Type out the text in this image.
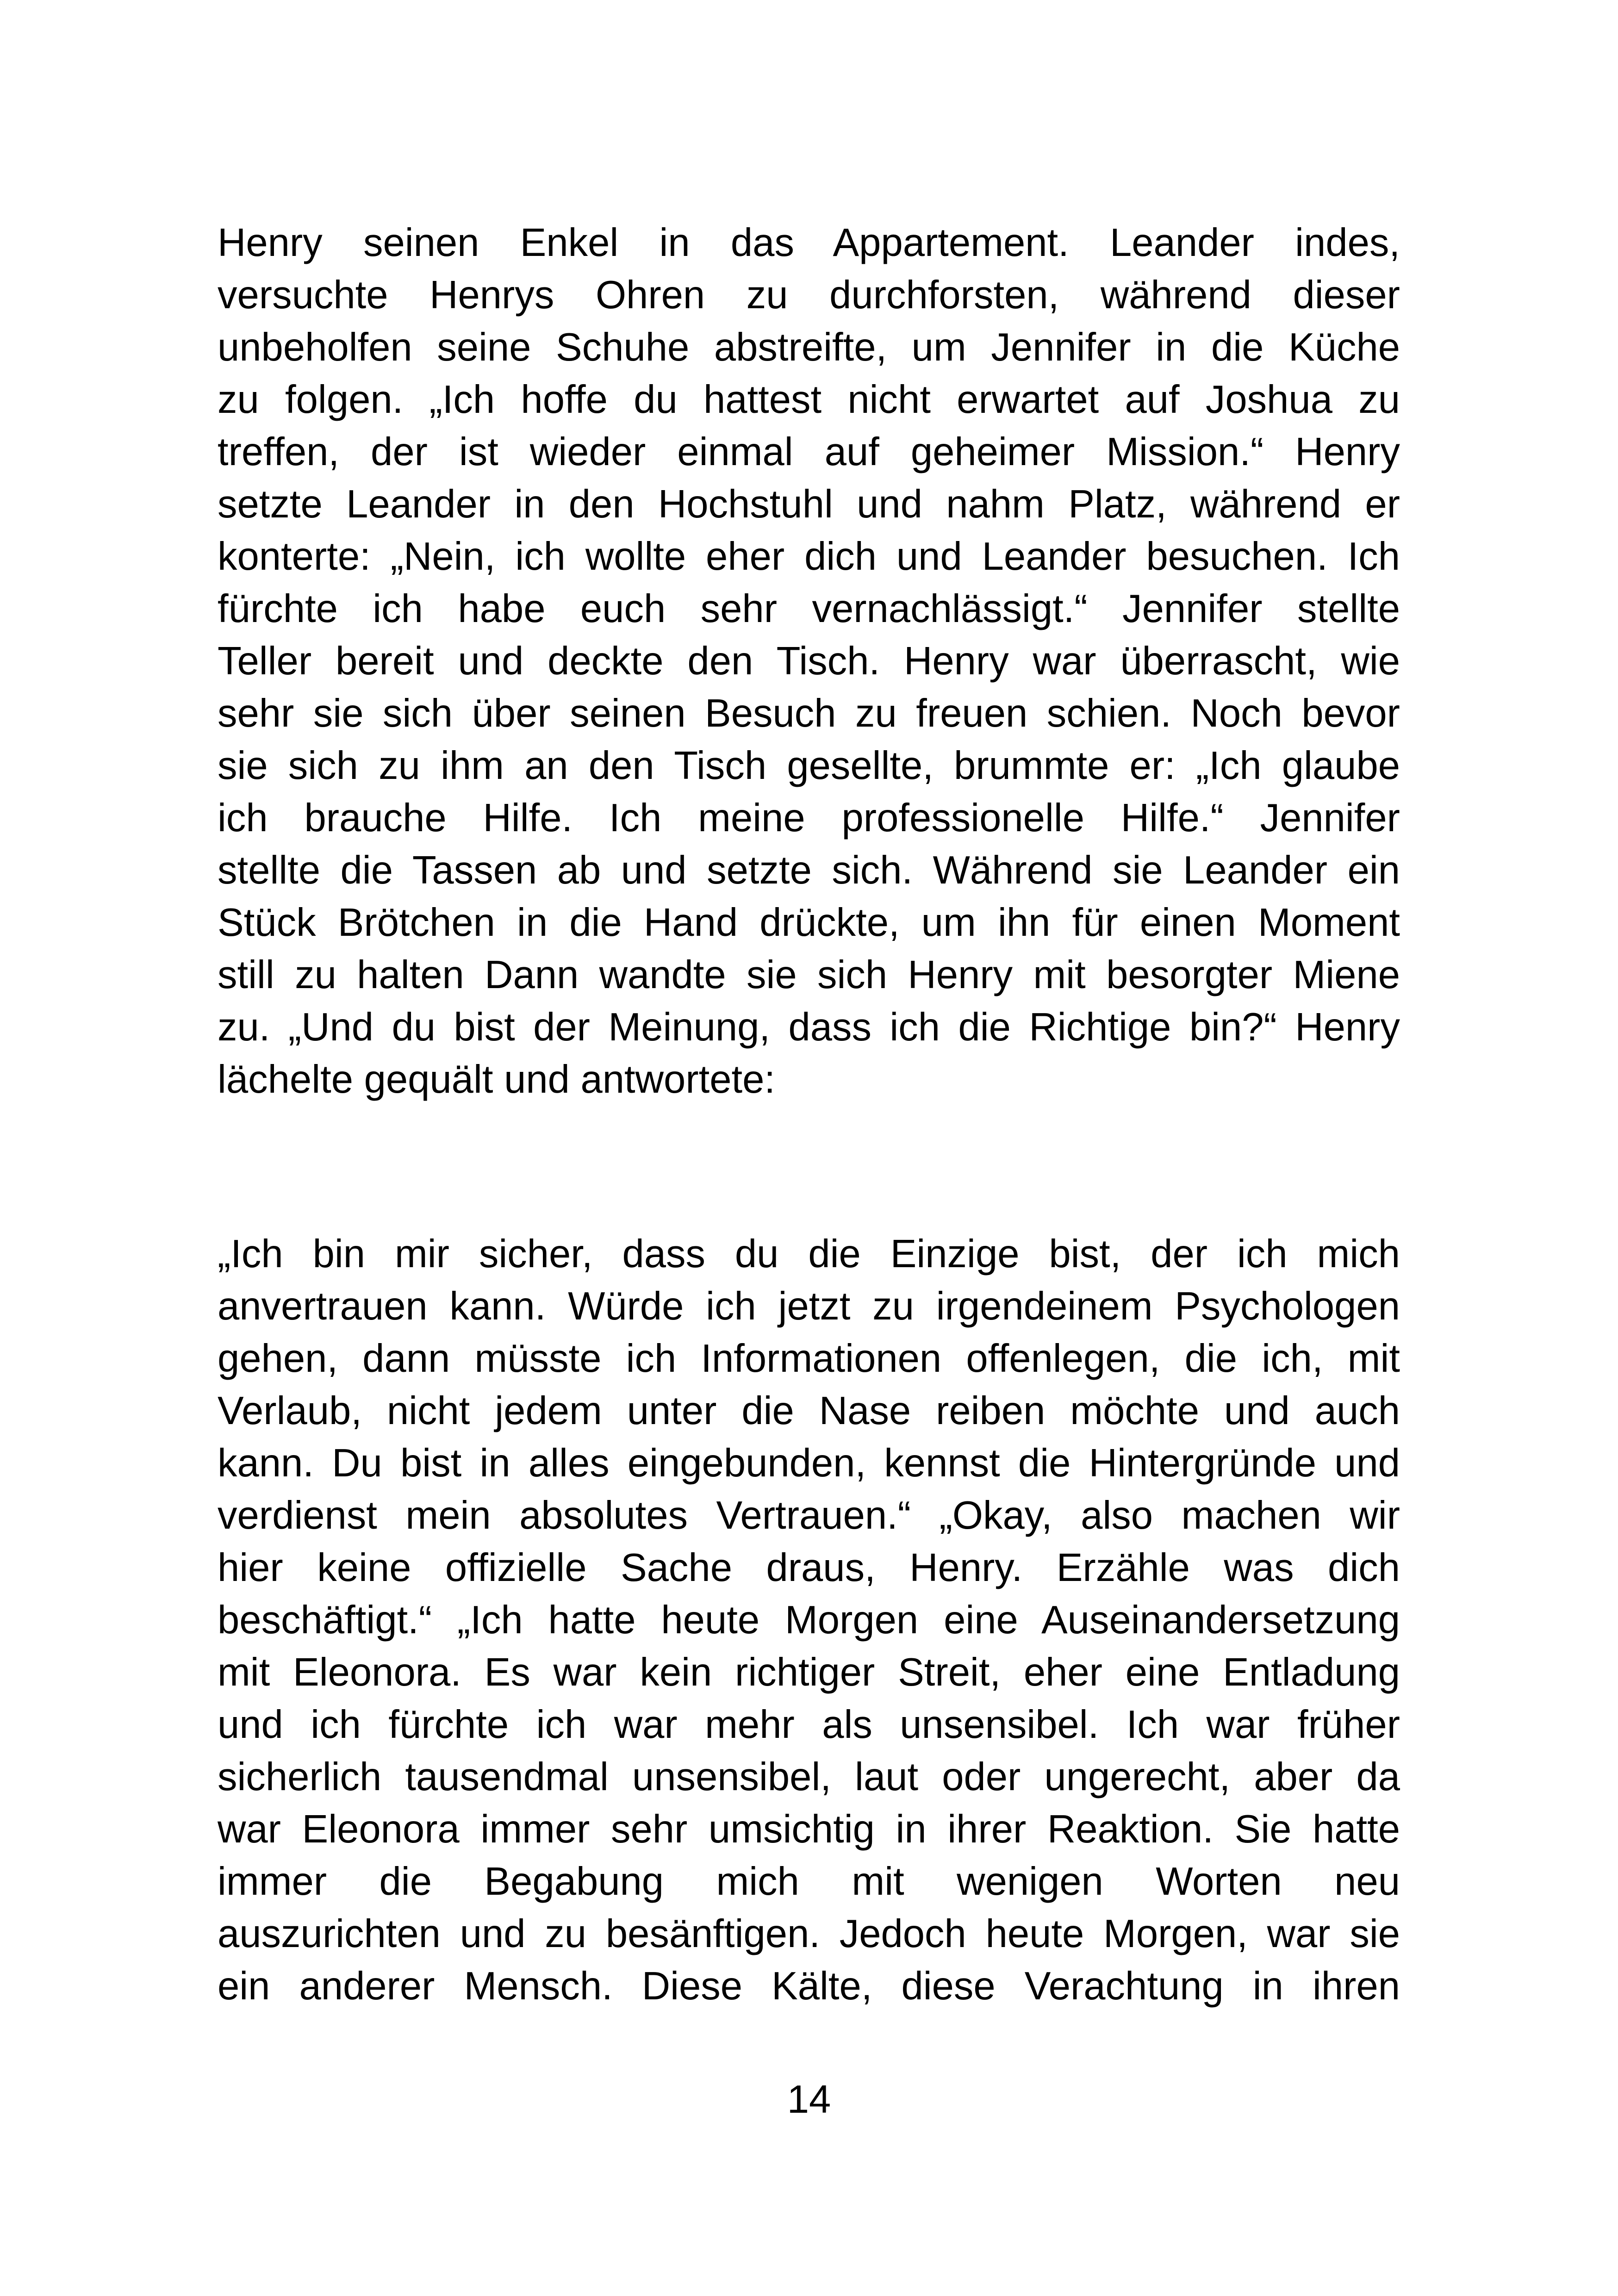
Henry seinen Enkel in das Appartement. Leander indes,
versuchte Henrys Ohren zu durchforsten, während dieser
unbeholfen seine Schuhe abstreifte, um Jennifer in die Küche
zu folgen. „Ich hoffe du hattest nicht erwartet auf Joshua zu
treffen, der ist wieder einmal auf geheimer Mission.“ Henry
setzte Leander in den Hochstuhl und nahm Platz, während er
konterte: „Nein, ich wollte eher dich und Leander besuchen. Ich
fürchte ich habe euch sehr vernachlässigt.“ Jennifer stellte
Teller bereit und deckte den Tisch. Henry war überrascht, wie
sehr sie sich über seinen Besuch zu freuen schien. Noch bevor
sie sich zu ihm an den Tisch gesellte, brummte er: „Ich glaube
ich brauche Hilfe. Ich meine professionelle Hilfe.“ Jennifer
stellte die Tassen ab und setzte sich. Während sie Leander ein
Stück Brötchen in die Hand drückte, um ihn für einen Moment
still zu halten Dann wandte sie sich Henry mit besorgter Miene
zu. „Und du bist der Meinung, dass ich die Richtige bin?“ Henry
lächelte gequält und antwortete:
„Ich bin mir sicher, dass du die Einzige bist, der ich mich
anvertrauen kann. Würde ich jetzt zu irgendeinem Psychologen
gehen, dann müsste ich Informationen offenlegen, die ich, mit
Verlaub, nicht jedem unter die Nase reiben möchte und auch
kann. Du bist in alles eingebunden, kennst die Hintergründe und
verdienst mein absolutes Vertrauen.“ „Okay, also machen wir
hier keine offizielle Sache draus, Henry. Erzähle was dich
beschäftigt.“ „Ich hatte heute Morgen eine Auseinandersetzung
mit Eleonora. Es war kein richtiger Streit, eher eine Entladung
und ich fürchte ich war mehr als unsensibel. Ich war früher
sicherlich tausendmal unsensibel, laut oder ungerecht, aber da
war Eleonora immer sehr umsichtig in ihrer Reaktion. Sie hatte
immer die Begabung mich mit wenigen Worten neu
auszurichten und zu besänftigen. Jedoch heute Morgen, war sie
ein anderer Mensch. Diese Kälte, diese Verachtung in ihren
14
